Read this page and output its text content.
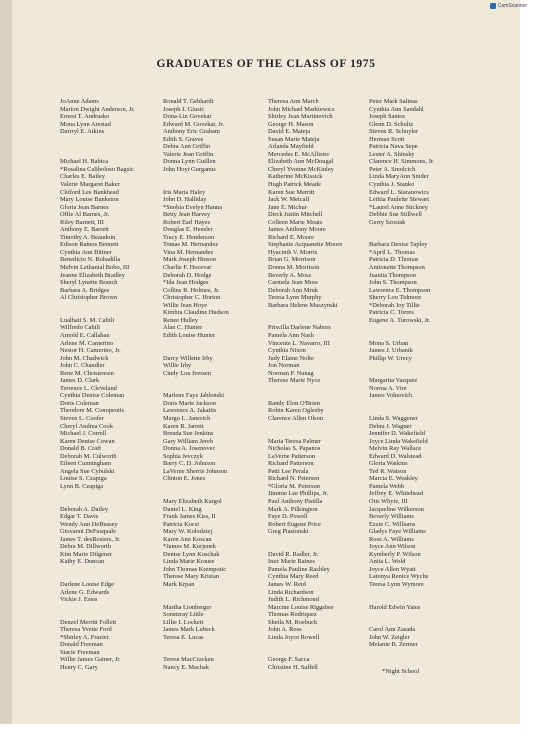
GRADUATES OF THE CLASS OF 1975
JoAnne Adams
Marion Dwight Anderson, Jr.
Ernest T. Andrusko
Mona Lynn Arestad
Darrryl E. Atkins
Michael H. Babica
*Rosalina Caliboloso Bagsic
Charles E. Bailey
Valerie Margaret Baker
Clifford Lee Bankhead
Mary Louise Bankston
Gloria Jean Barnes
Offie Al Barnes, Jr.
Riley Barnett, III
Anthony E. Barrett
Timothy A. Beaudoin
Edison Ramos Bennett
Cynthia Ann Bittner
Benedicto N. Bobadilla
Melvin Lethanial Bobo, III
Jeanne Elizabeth Bradley
Sheryl Lynette Branch
Barbara A. Bridges
Al Christopher Brown
Lualhati S. M. Cabili
Wilfredo Cabili
Arnold E. Callahan
Arlene M. Camerino
Nestor H. Camerino, Jr.
John M. Chadwick
John C. Chandler
Rene M. Christensen
James D. Clark
Terrence L. Cleveland
Cynthia Denise Coleman
Doris Coleman
Theodore M. Conopeotis
Steven L. Coofer
Cheryl Andrea Cook
Michael J. Correll
Karen Denise Cowan
Donald B. Craft
Deborah M. Culworth
Eileen Cunningham
Angela Sue Cybulski
Louise S. Czapiga
Lynn B. Czapiga
Deborah A. Dailey
Edgar T. Davis
Wendy Ann DeBussey
Giovanni DeFusquale
James T. desRosiers, Jr.
Debra M. Dillworth
Kim Marie Dilgener
Kathy E. Duncan
Darlene Louise Edge
Arlene G. Edwards
Vickie J. Estes
Denzel Merritt Follett
Theresa Yvette Ford
*Shirley A. Frazier
Donald Freeman
Stacie Freeman
Willie James Gainer, Jr.
Henry C. Gary
Ronald T. Gebhardt
Joseph J. Giusic
Dona-Lin Govekar
Edward M. Govekar, Jr.
Anthony Eric Graham
Edith S. Graves
Debra Ann Griffin
Valerie Jean Griffin
Donna Lynn Guillen
John Hoyt Gurganus
Iris Maria Haley
John D. Halliday
*Snobia Evelyn Hanna
Betty Jean Harvey
Robert Earl Hayes
Douglas E. Hensler
Tracy E. Henderson
Tomas M. Hernandez
Vina M. Hernandez
Mark Joseph Hinson
Charlie F. Hocevar
Deborah D. Hodge
*Ida Jean Hodges
Collins R. Holmes, Jr.
Christopher C. Horton
Willie Jean Hoye
Kimbra Claudine Hudson
Renee Hulley
Alan C. Hunter
Edith Louise Hunter
Darcy Willette Irby
Willie Irby
Cindy Lou Iversen
Marlene Faye Jablonski
Doris Marie Jackson
Lawrence A. Jakaitis
Margo L. Janesich
Karen R. Jarrett
Brenda Sue Jenkins
Gary William Jereb
Donna A. Josenovec
Sophia Jevczyk
Barry C. D. Johnson
LaVerne Sherrie Johnson
Clinton E. Jones
Mary Elizabeth Kargol
Daniel L. King
Frank James Kiss, II
Patricia Kocsi
Mary W. Kolodziej
Karen Ann Koscan
*James M. Korjenek
Denise Lynn Koschak
Linda Marie Krause
John Thomas Krempotic
Therese Mary Kristan
Mark Krpan
Martha Lionberger
Sonsteray Little
Lillie I. Lockett
James Mark Lubeck
Teresa E. Lucas
Terese MacCracken
Nancy E. Machak
Theresa Ann March
John Michael Markiewicz
Shirley Jean Martinovich
George H. Mason
David E. Mateja
Susan Marie Mateja
Arlanda Mayfield
Mercedes E. McAllister
Elizabeth Ann McDougal
Cheryl Yvonne McKinley
Katherine McKissick
Hugh Patrick Meade
Karen Sue Merritt
Jack W. Metcalf
Jane E. Michur
Dirck Justin Mitchell
Colleen Marie Moats
James Anthony Moore
Richard E. Moore
Stephanie Acquanette Moore
Hyacinth V. Morris
Brian G. Morrison
Donna M. Morrison
Beverly A. Moss
Carmela Jean Moss
Deborah Ann Mruk
Teresa Lynn Murphy
Barbara Helene Muszynski
Priscilla Darlene Nabors
Pamela Ann Nash
Vincente L. Navarro, III
Cynthia Nixon
Judy Elaine Nolte
Jon Norman
Norman P. Nunag
Therese Marie Nyce
Randy Elon O'Brien
Robin Karen Oglesby
Clarence Allen Olson
Maria Teresa Palmer
Nicholas S. Papanos
LaVerne Patterson
Richard Patterson
Patti Lee Perala
Richard N. Petersen
*Gloria M. Peterson
Jimmie Lee Phillips, Jr.
Paul Anthony Pistilla
Mark A. Pilkington
Faye D. Powell
Robert Eugene Price
Greg Piasionski
David R. Radler, Jr.
Inez Marie Raines
Pamela Pauline Rashley
Cynthia Mary Reed
James W. Reid
Linda Richardson
Judith L. Richmond
Marcine Louise Riggsbee
Thomas Rodriquez
Sheila M. Roebuck
John A. Ross
Linda Joyce Rowell
George F. Sacca
Christine H. Saffell
Peter Mark Salinas
Cynthia Ann Sandahl
Joseph Santos
Glenn D. Schultz
Steven R. Schuyler
Herman Scott
Patricia Nava Sepe
Lester A. Shinsky
Clarence H. Simmons, Jr.
Peter A. Smolcich
Linda MaryAnn Snider
Cynthia J. Stanko
Edward L. Staranowics
Letitia Paulette Stewart
*Laurel Anne Stickney
Debbie Sue Stillwell
Gerry Szostak
Barbara Denise Tapley
*April L. Thomas
Patricia D. Thomas
Antionette Thompson
Juanita Thompson
John S. Thompson
Lawrence E. Thompson
Sherry Lou Tidmore
*Deborah Joy Tillie
Patricia C. Torres
Eugene A. Turowski, Jr.
Mona S. Urban
James J. Urbanik
Phillip W. Urecy
Margarita Vazquez
Norma A. Vire
James Volnovich
Linda S. Waggener
Debra J. Wagner
Jennifer D. Wakefield
Joyce Linda Wakefield
Melvin Ray Wallace
Edward D. Walstead
Gloria Watkins
Ted R. Watson
Marcia E. Weakley
Pamela Webb
Jeffrey E. Whitehead
Otis Whyte, III
Jacqueline Wilkerson
Beverly Williams
Ezzie C. Williams
Gladys Faye Williams
Rose A. Williams
Joyce Ann Wilson
Kymberly P. Wilson
Anita L. Wold
Joyce Allen Wyatt
Latonya Renice Wyche
Teresa Lynn Wymore
Harold Edwin Yates
Carol Ann Zasada
John W. Zeigler
Melanie B. Zermer
*Night School
CamScanner
